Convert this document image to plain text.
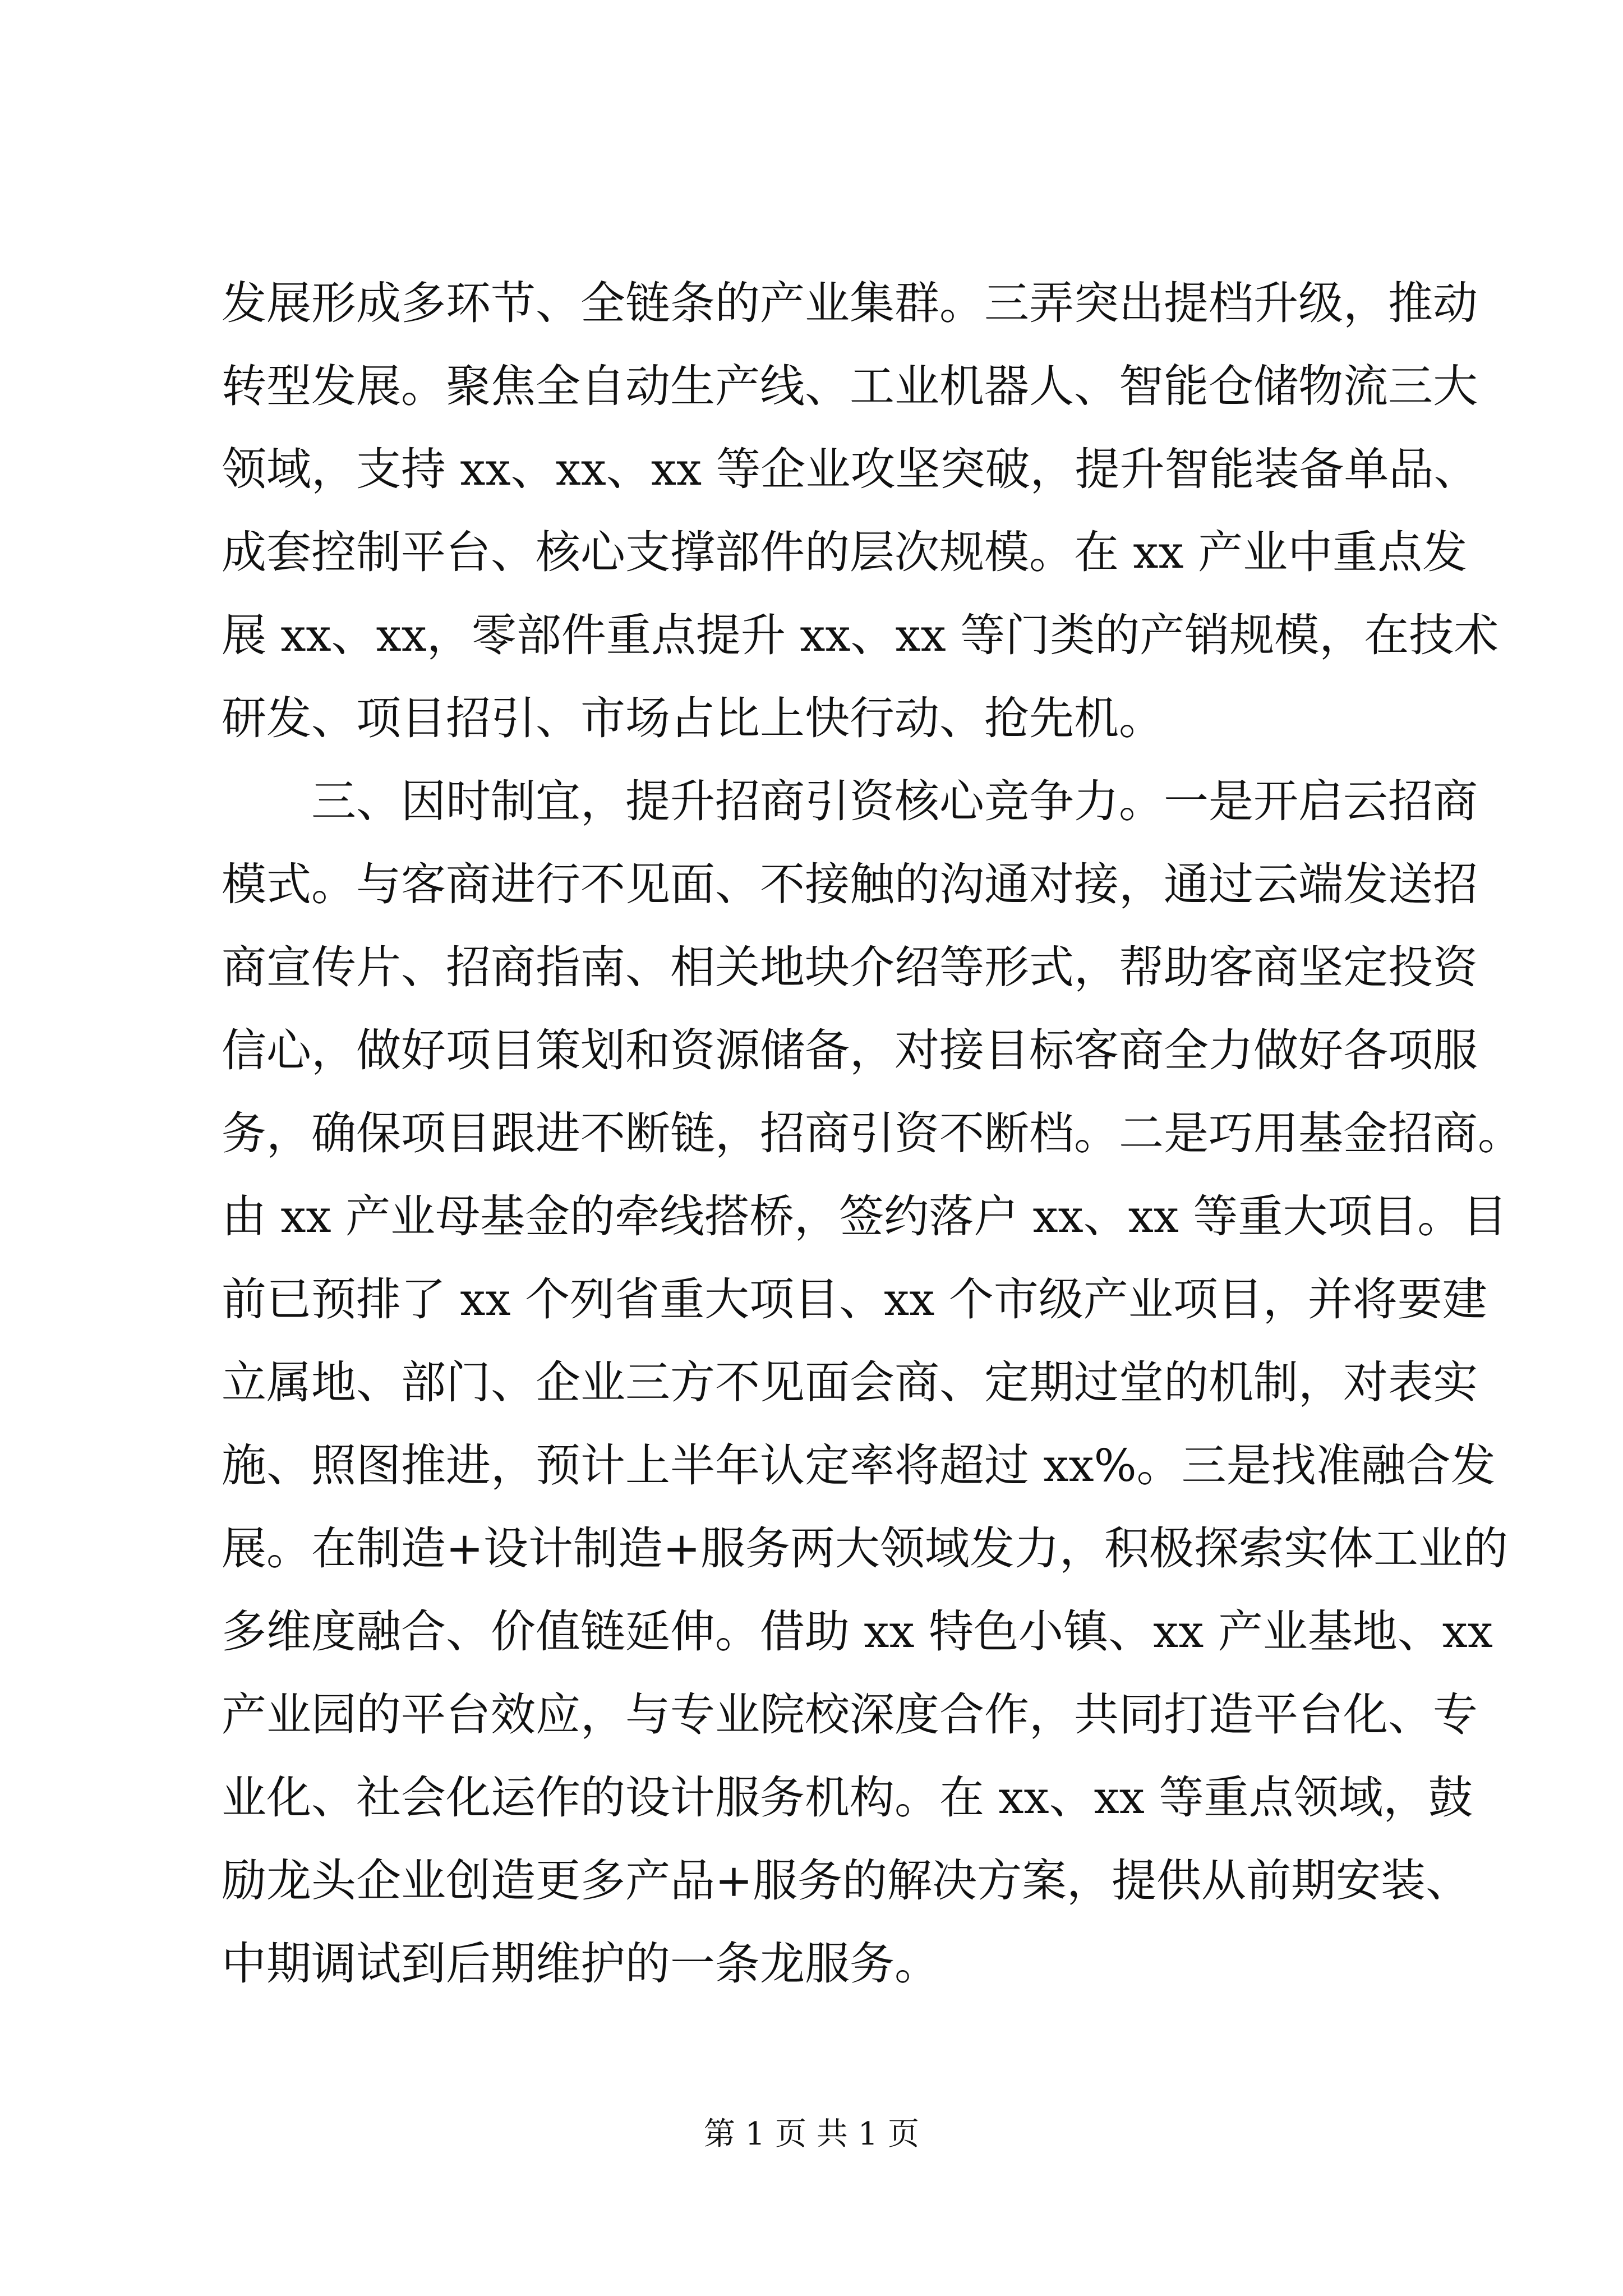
发展形成多环节、全链条的产业集群。三弄突出提档升级，推动
转型发展。聚焦全自动生产线、工业机器人、智能仓储物流三大
领域，支持 xx、xx、xx 等企业攻坚突破，提升智能装备单品、
成套控制平台、核心支撑部件的层次规模。在 xx 产业中重点发
展 xx、xx，零部件重点提升 xx、xx 等门类的产销规模，在技术
研发、项目招引、市场占比上快行动、抢先机。
三、因时制宜，提升招商引资核心竞争力。一是开启云招商
模式。与客商进行不见面、不接触的沟通对接，通过云端发送招
商宣传片、招商指南、相关地块介绍等形式，帮助客商坚定投资
信心，做好项目策划和资源储备，对接目标客商全力做好各项服
务，确保项目跟进不断链，招商引资不断档。二是巧用基金招商。
由 xx 产业母基金的牵线搭桥，签约落户 xx、xx 等重大项目。目
前已预排了 xx 个列省重大项目、xx 个市级产业项目，并将要建
立属地、部门、企业三方不见面会商、定期过堂的机制，对表实
施、照图推进，预计上半年认定率将超过 xx%。三是找准融合发
展。在制造+设计制造+服务两大领域发力，积极探索实体工业的
多维度融合、价值链延伸。借助 xx 特色小镇、xx 产业基地、xx
产业园的平台效应，与专业院校深度合作，共同打造平台化、专
业化、社会化运作的设计服务机构。在 xx、xx 等重点领域，鼓
励龙头企业创造更多产品+服务的解决方案，提供从前期安装、
中期调试到后期维护的一条龙服务。
第 1 页 共 1 页
